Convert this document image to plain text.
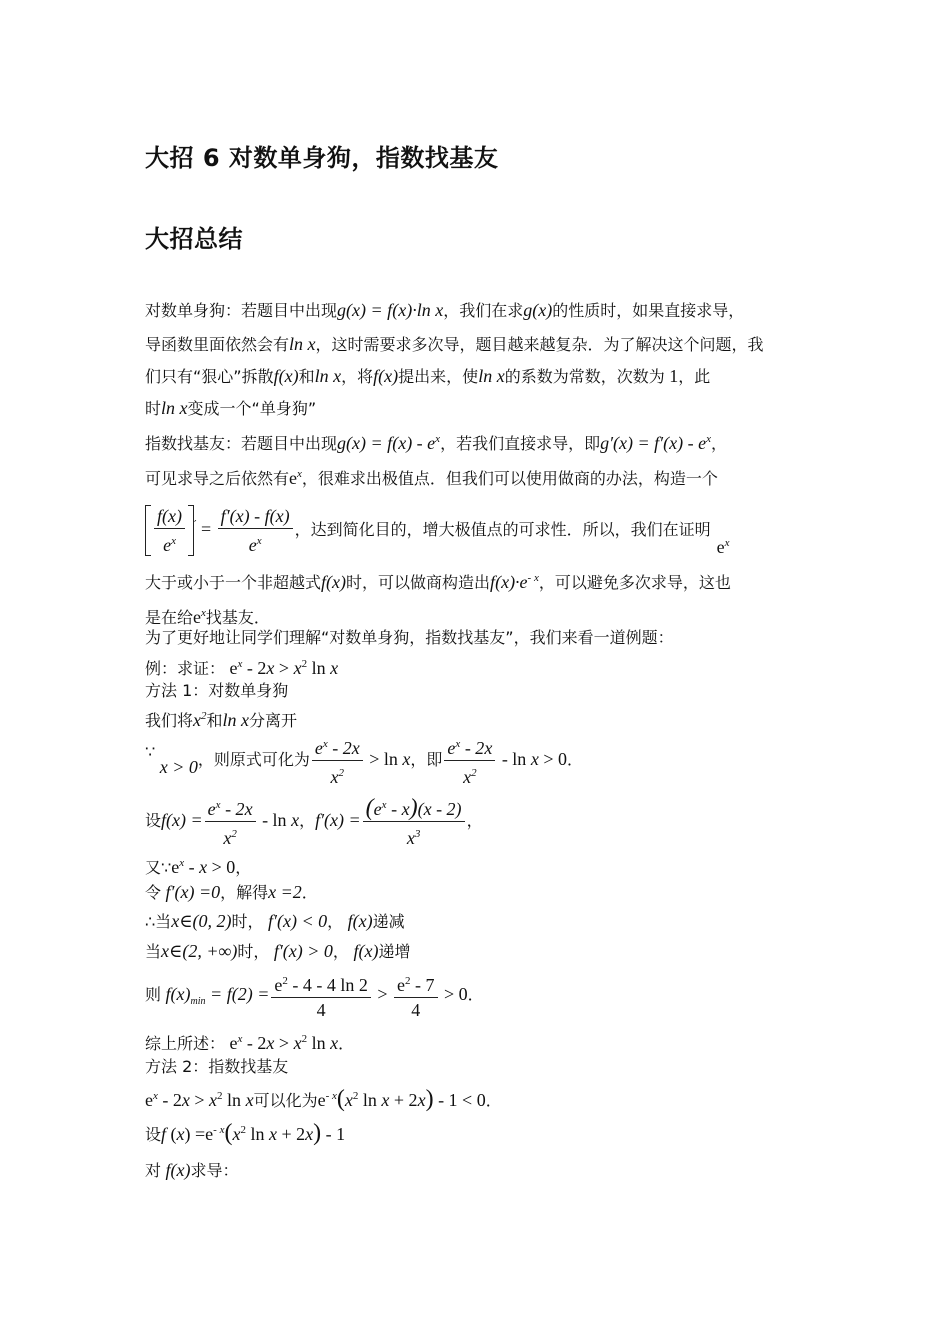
大招 6 对数单身狗，指数找基友
大招总结
对数单身狗：若题目中出现g(x) = f(x)·ln x，我们在求g(x)的性质时，如果直接求导，
导函数里面依然会有ln x，这时需要求多次导，题目越来越复杂．为了解决这个问题，我
们只有“狠心”拆散f(x)和ln x，将f(x)提出来，使ln x的系数为常数，次数为 1，此
时ln x变成一个“单身狗”
指数找基友：若题目中出现$g(x) = f(x) - e^x$，若我们直接求导，即$g'(x) = f'(x) - e^x$，
可见求导之后依然有$e^x$，很难求出极值点．但我们可以使用做商的办法，构造一个
$\frac{f(x)}{e^x} ' = \frac{f'(x) - f(x)}{e^x}$ ，达到简化目的，增大极值点的可求性．所以，我们在证明$e^x$
大于或小于一个非超越式f(x)时，可以做商构造出$f(x)\cdot e^{- x}$，可以避免多次求导，这也
是在给$e^x$找基友．
为了更好地让同学们理解“对数单身狗，指数找基友”，我们来看一道例题：
例：求证： $e^x - 2x > x^2$ ln x
方法 1：对数单身狗
我们将$x^2$和ln x分离开
∵ x > 0，则原式可化为 $\frac{e^x - 2x}{x^2} > \ln x$，即 $\frac{e^x - 2x}{x^2} - \ln x > 0$．
设$f(x) = \frac{e^x - 2x}{x^2} - \ln x$，$f'(x) = \frac{(e^x - x)(x - 2)}{x^3}$ ，
又$\because e^x - x > 0$，
令 f′(x) =0，解得x =2．
∴当x∈(0, 2)时， f′(x) < 0， f(x)递减
当x∈(2, +∞)时， f′(x) > 0， f(x)递增
则 $f(x)_{min} = f(2) = \frac{e^2 - 4 - 4 \ln 2}{4} > \frac{e^2 - 7}{4} > 0$．
综上所述： $e^x - 2x > x^2$ ln x．
方法 2：指数找基友
$e^x - 2x > x^2$ ln x可以化为$e^{- x}(x^2$ ln x + 2x) - 1 < 0．
设f $(x) =e^{- x}(x^2$ ln x + 2x) - 1
对 f(x)求导：
